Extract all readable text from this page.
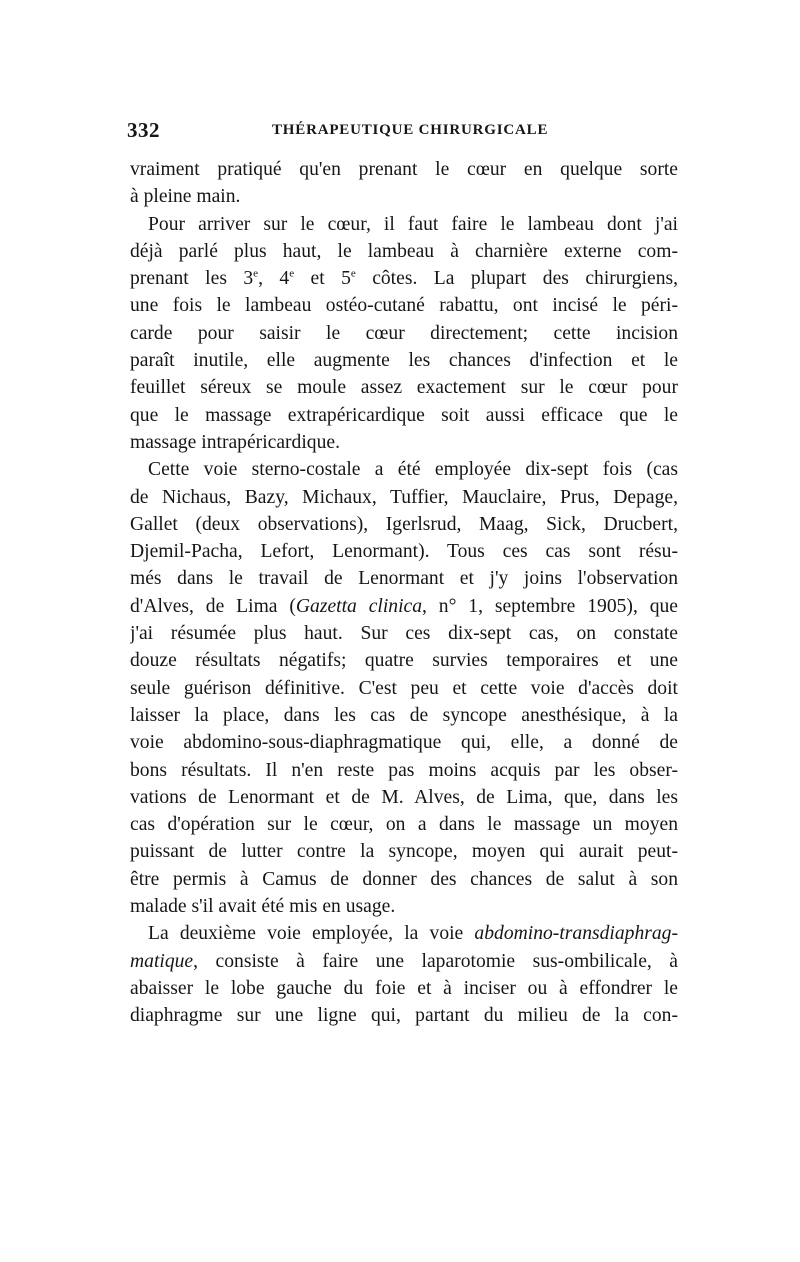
332	THÉRAPEUTIQUE CHIRURGICALE
vraiment pratiqué qu'en prenant le cœur en quelque sorte
à pleine main.
Pour arriver sur le cœur, il faut faire le lambeau dont j'ai
déjà parlé plus haut, le lambeau à charnière externe com-
prenant les 3e, 4e et 5e côtes. La plupart des chirurgiens,
une fois le lambeau ostéo-cutané rabattu, ont incisé le péri-
carde pour saisir le cœur directement; cette incision
paraît inutile, elle augmente les chances d'infection et le
feuillet séreux se moule assez exactement sur le cœur pour
que le massage extrapéricardique soit aussi efficace que le
massage intrapéricardique.
Cette voie sterno-costale a été employée dix-sept fois (cas
de Nichaus, Bazy, Michaux, Tuffier, Mauclaire, Prus, Depage,
Gallet (deux observations), Igerlsrud, Maag, Sick, Drucbert,
Djemil-Pacha, Lefort, Lenormant). Tous ces cas sont résu-
més dans le travail de Lenormant et j'y joins l'observation
d'Alves, de Lima (Gazetta clinica, n° 1, septembre 1905), que
j'ai résumée plus haut. Sur ces dix-sept cas, on constate
douze résultats négatifs; quatre survies temporaires et une
seule guérison définitive. C'est peu et cette voie d'accès doit
laisser la place, dans les cas de syncope anesthésique, à la
voie abdomino-sous-diaphragmatique qui, elle, a donné de
bons résultats. Il n'en reste pas moins acquis par les obser-
vations de Lenormant et de M. Alves, de Lima, que, dans les
cas d'opération sur le cœur, on a dans le massage un moyen
puissant de lutter contre la syncope, moyen qui aurait peut-
être permis à Camus de donner des chances de salut à son
malade s'il avait été mis en usage.
La deuxième voie employée, la voie abdomino-transdiaphrag-
matique, consiste à faire une laparotomie sus-ombilicale, à
abaisser le lobe gauche du foie et à inciser ou à effondrer le
diaphragme sur une ligne qui, partant du milieu de la con-
